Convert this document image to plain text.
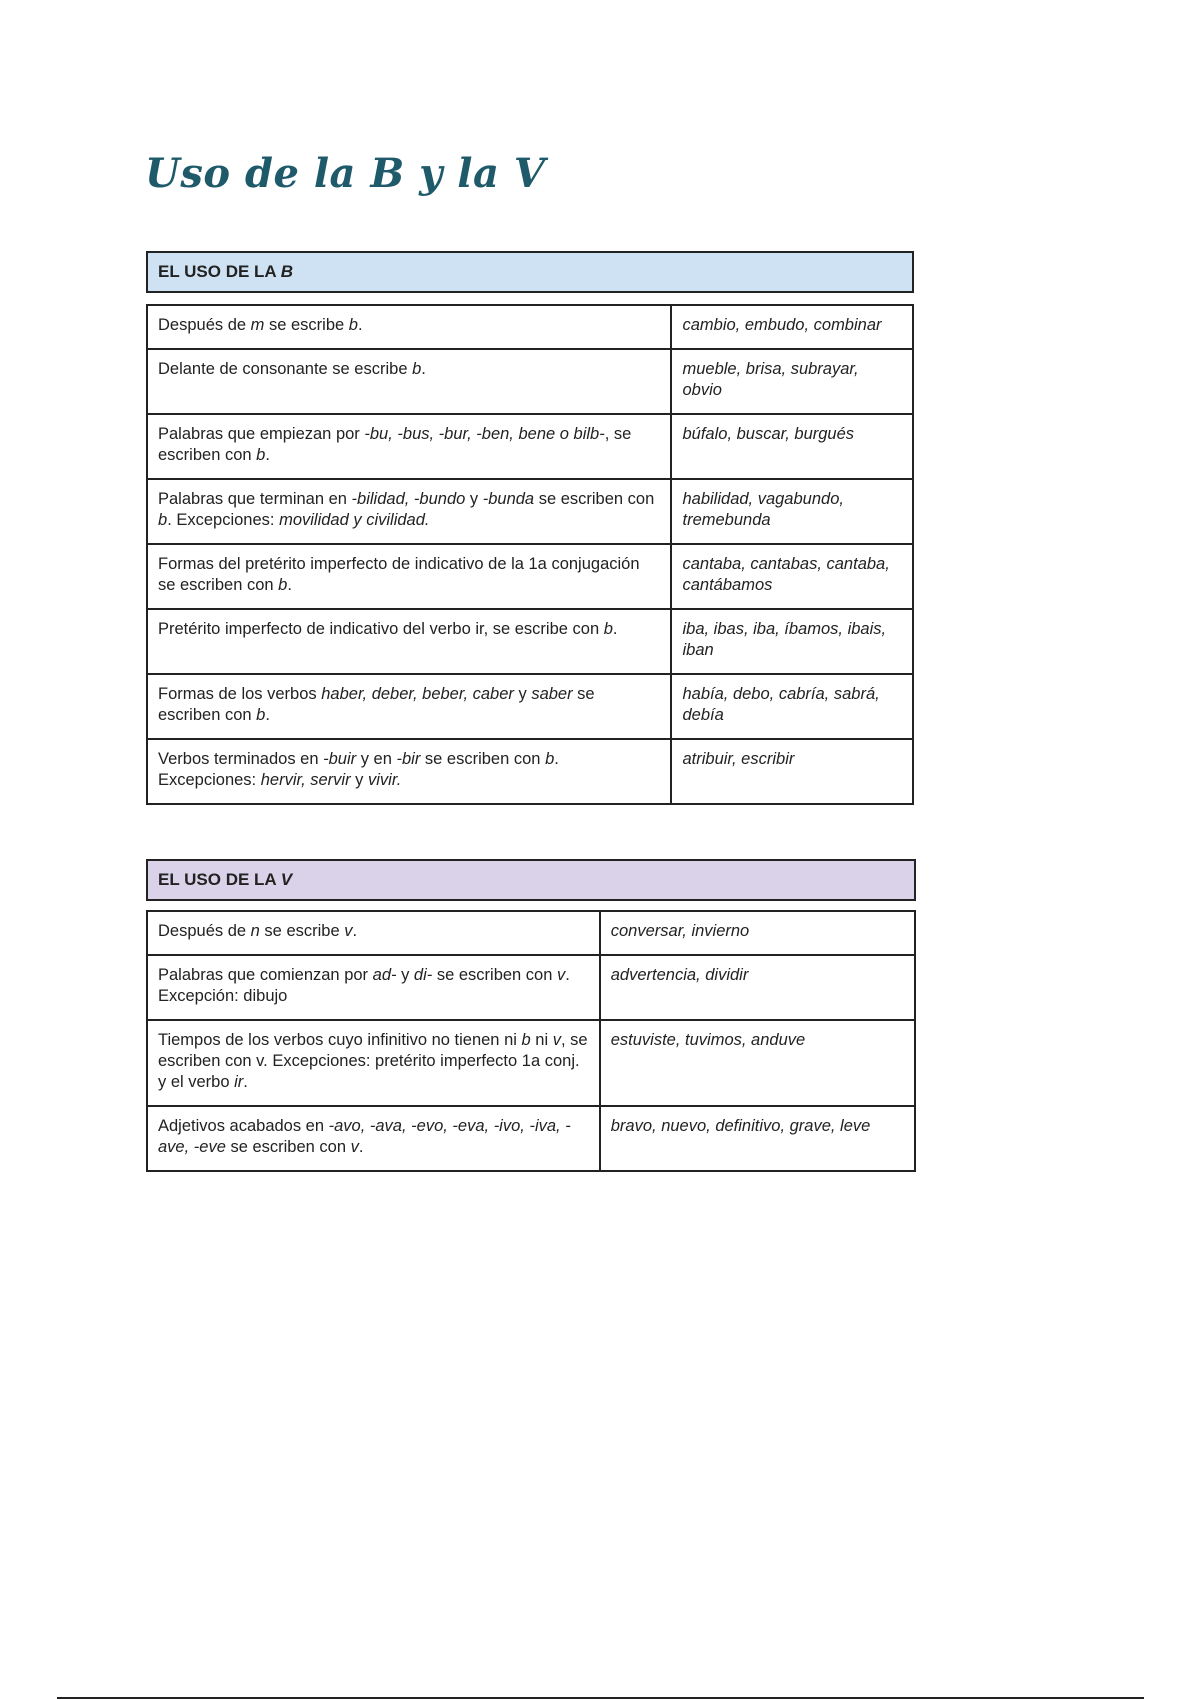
Uso de la B y la V
EL USO DE LA B
Después de m se escribe b.	cambio, embudo, combinar
Delante de consonante se escribe b.	mueble, brisa, subrayar, obvio
Palabras que empiezan por -bu, -bus, -bur, -ben, bene o bilb-, se escriben con b.	búfalo, buscar, burgués
Palabras que terminan en -bilidad, -bundo y -bunda se escriben con b. Excepciones: movilidad y civilidad.	habilidad, vagabundo, tremebunda
Formas del pretérito imperfecto de indicativo de la 1a conjugación se escriben con b.	cantaba, cantabas, cantaba, cantábamos
Pretérito imperfecto de indicativo del verbo ir, se escribe con b.	iba, ibas, iba, íbamos, ibais, iban
Formas de los verbos haber, deber, beber, caber y saber se escriben con b.	había, debo, cabría, sabrá, debía
Verbos terminados en -buir y en -bir se escriben con b. Excepciones: hervir, servir y vivir.	atribuir, escribir
EL USO DE LA V
Después de n se escribe v.	conversar, invierno
Palabras que comienzan por ad- y di- se escriben con v. Excepción: dibujo	advertencia, dividir
Tiempos de los verbos cuyo infinitivo no tienen ni b ni v, se escriben con v. Excepciones: pretérito imperfecto 1a conj. y el verbo ir.	estuviste, tuvimos, anduve
Adjetivos acabados en -avo, -ava, -evo, -eva, -ivo, -iva, -ave, -eve se escriben con v.	bravo, nuevo, definitivo, grave, leve
